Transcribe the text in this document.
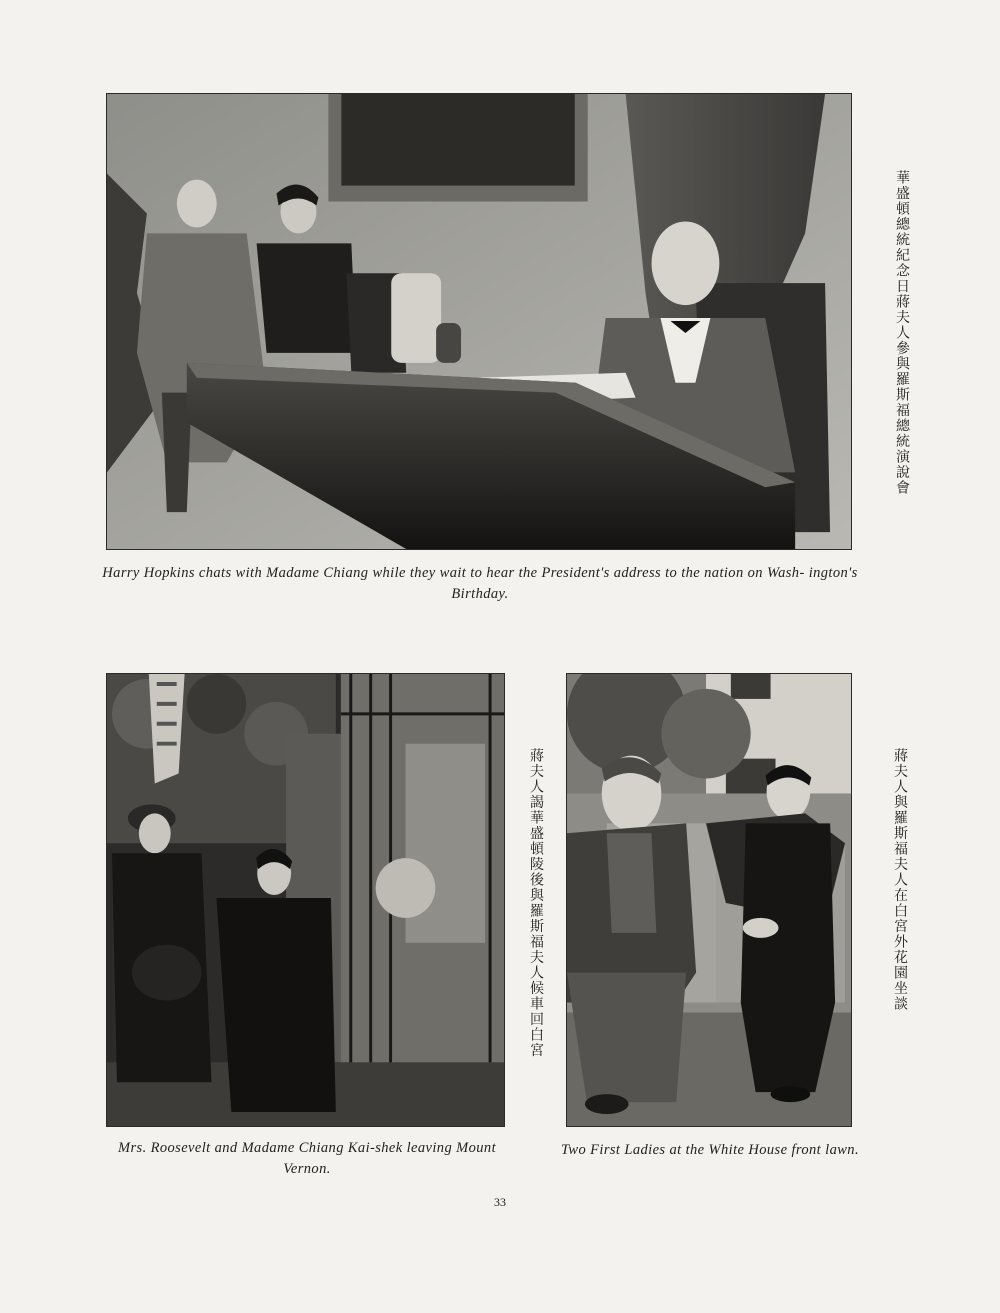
Harry Hopkins chats with Madame Chiang while they wait to hear the President's address to the nation on Wash- ington's Birthday.
華盛頓總統紀念日蔣夫人參與羅斯福總統演說會
Mrs. Roosevelt and Madame Chiang Kai-shek leaving Mount Vernon.
蔣夫人謁華盛頓陵後與羅斯福夫人候車回白宮
Two First Ladies at the White House front lawn.
蔣夫人與羅斯福夫人在白宮外花園坐談
33
